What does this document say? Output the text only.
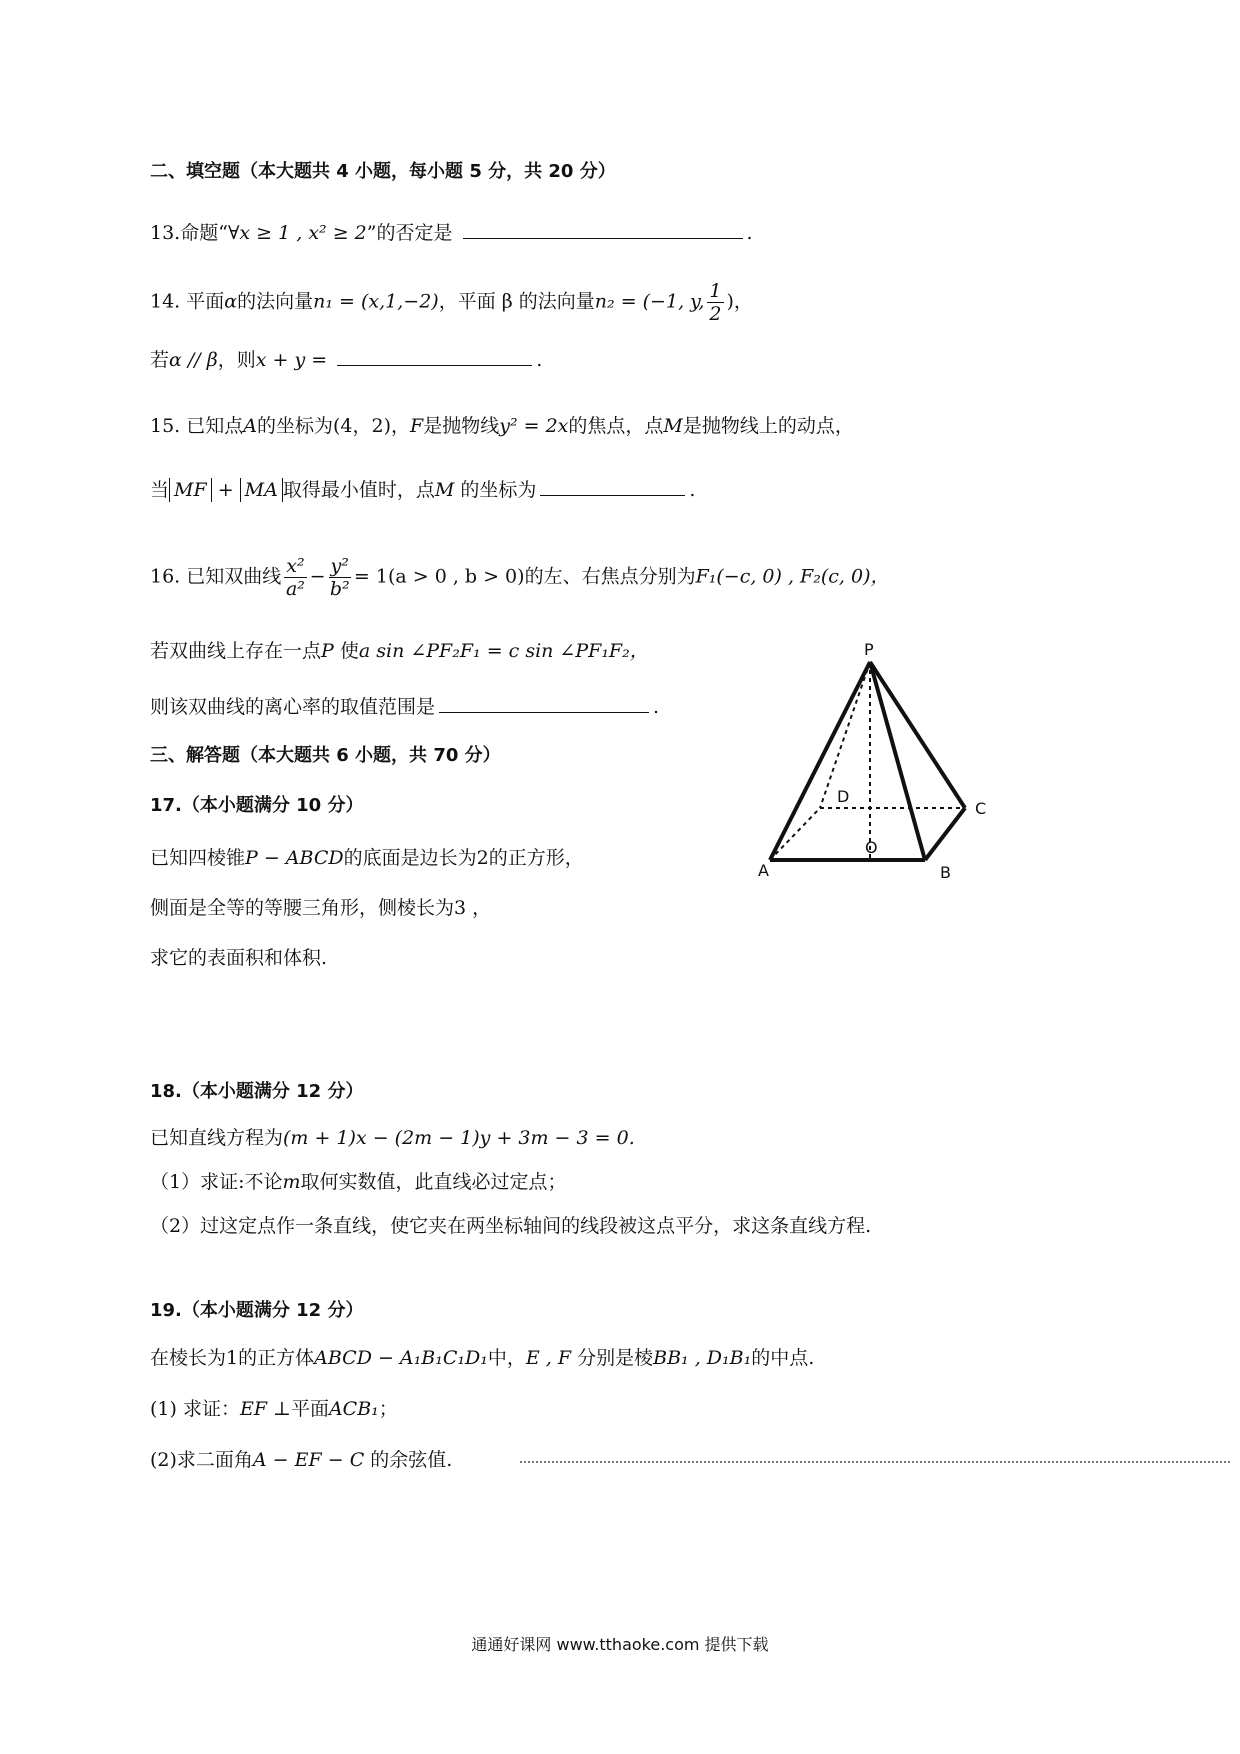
二、填空题（本大题共 4 小题，每小题 5 分，共 20 分）
13.命题“∀x ≥ 1 , x² ≥ 2”的否定是	.
14. 平面α的法向量n₁ = (x,1,−2)，平面 β 的法向量n₂ = (−1, y, $\frac{1}{2}$ )，
若α // β，则x + y =	.
15. 已知点A的坐标为(4，2)，F是抛物线y² = 2x的焦点，点M是抛物线上的动点，
当 MF + MA 取得最小值时，点M 的坐标为	.
16. 已知双曲线 $\frac{\text{x²}}{\text{a²}} - \frac{\text{y²}}{\text{b²}} = 1(a > 0$ , b > 0)的左、右焦点分别为F₁(−c, 0) , F₂(c, 0)，
若双曲线上存在一点P 使a sin ∠PF₂F₁ = c sin ∠PF₁F₂，
则该双曲线的离心率的取值范围是	.
三、解答题（本大题共 6 小题，共 70 分）
17.（本小题满分 10 分）
已知四棱锥P − ABCD的底面是边长为2的正方形，
侧面是全等的等腰三角形，侧棱长为3 ，
求它的表面积和体积.
P
D
C
O
A	B
18.（本小题满分 12 分）
已知直线方程为(m + 1)x − (2m − 1)y + 3m − 3 = 0.
（1）求证:不论m取何实数值，此直线必过定点；
（2）过这定点作一条直线，使它夹在两坐标轴间的线段被这点平分，求这条直线方程.
19.（本小题满分 12 分）
在棱长为1的正方体ABCD − A₁B₁C₁D₁中，E , F 分别是棱BB₁ , D₁B₁的中点.
(1) 求证：EF ⊥平面ACB₁；
(2)求二面角A − EF − C 的余弦值.
通通好课网 www.tthaoke.com 提供下载
